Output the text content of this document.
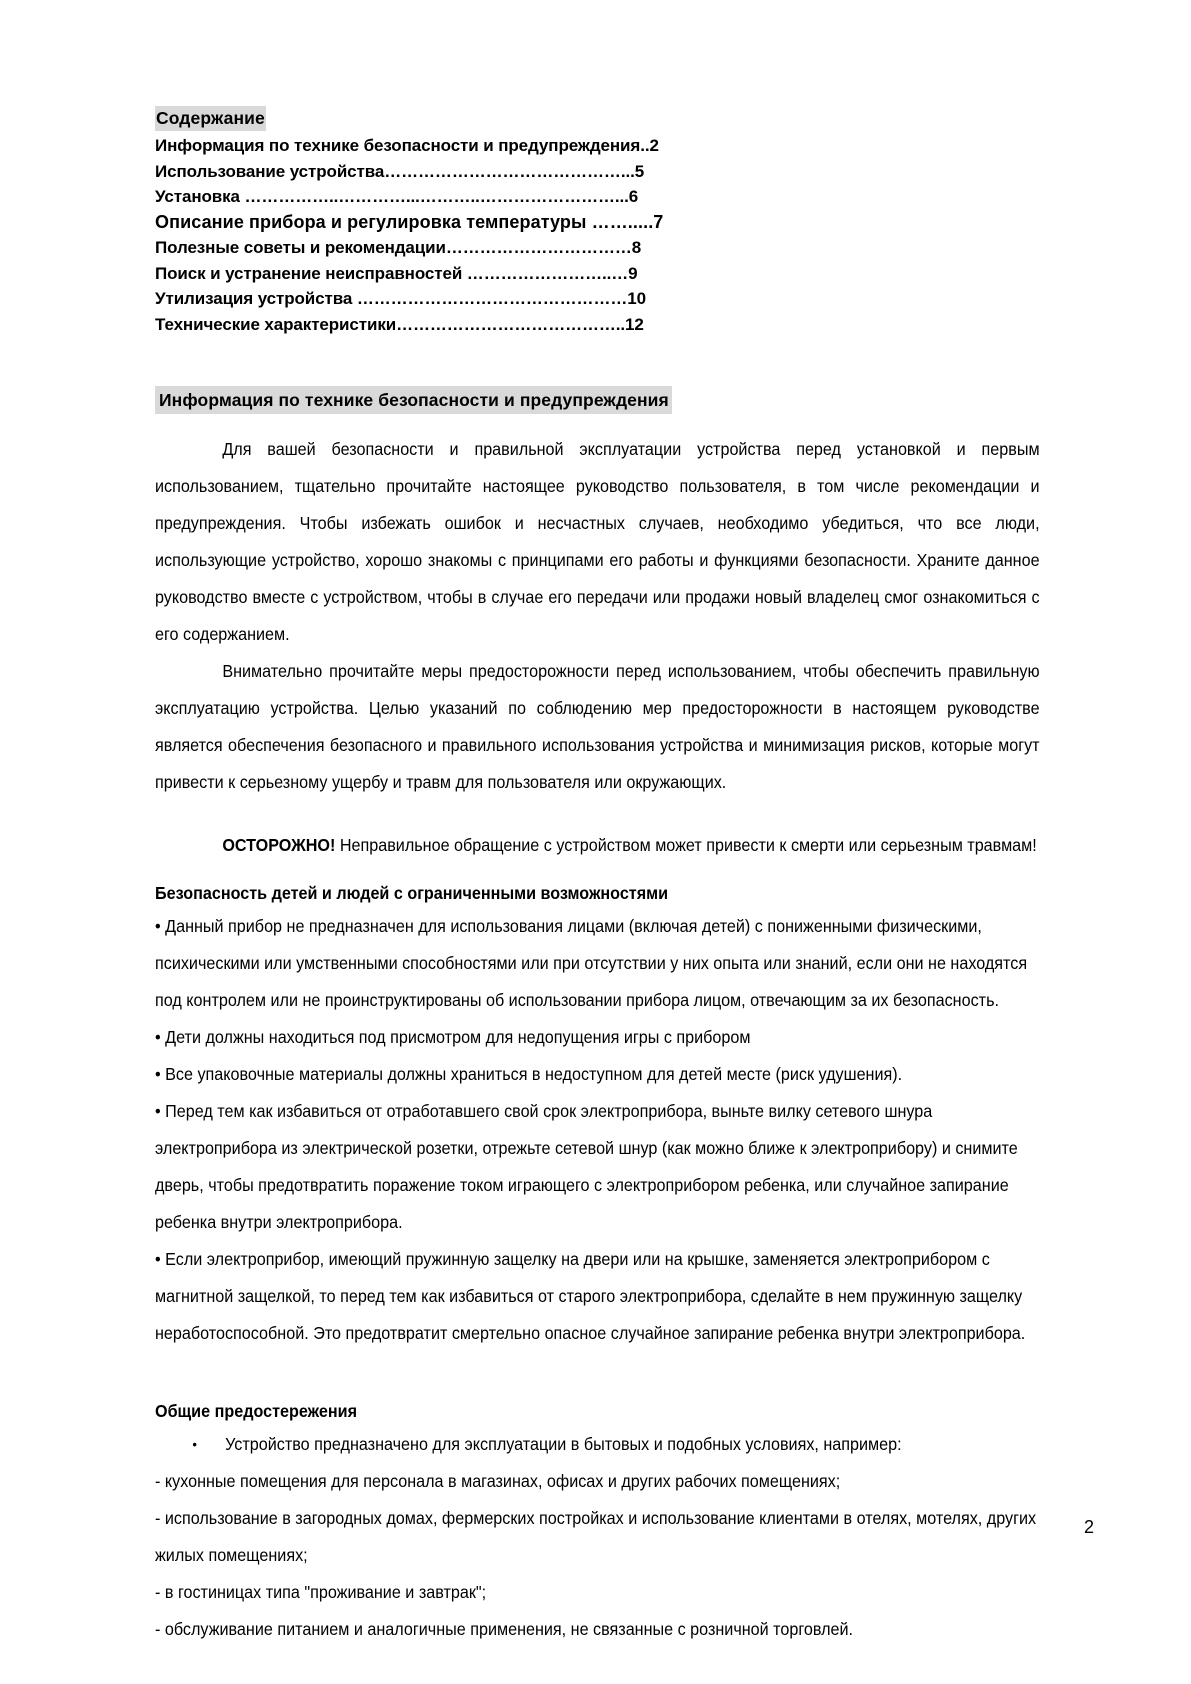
Содержание
Информация по технике безопасности и предупреждения..2
Использование устройства……………………………………...5
Установка ……………..…………...………..……………………...6
Описание прибора и регулировка температуры …….....7
Полезные советы и рекомендации……………………………8
Поиск и устранение неисправностей ……………………..…9
Утилизация устройства …………………………………………10
Технические характеристики…………………………………..12
Информация по технике безопасности и предупреждения

Для вашей безопасности и правильной эксплуатации устройства перед установкой и первым использованием, тщательно прочитайте настоящее руководство пользователя, в том числе рекомендации и предупреждения. Чтобы избежать ошибок и несчастных случаев, необходимо убедиться, что все люди, использующие устройство, хорошо знакомы с принципами его работы и функциями безопасности. Храните данное руководство вместе с устройством, чтобы в случае его передачи или продажи новый владелец смог ознакомиться с его содержанием.

Внимательно прочитайте меры предосторожности перед использованием, чтобы обеспечить правильную эксплуатацию устройства. Целью указаний по соблюдению мер предосторожности в настоящем руководстве является обеспечения безопасного и правильного использования устройства и минимизация рисков, которые могут привести к серьезному ущербу и травм для пользователя или окружающих.

ОСТОРОЖНО! Неправильное обращение с устройством может привести к смерти или серьезным травмам!

Безопасность детей и людей с ограниченными возможностями

• Данный прибор не предназначен для использования лицами (включая детей) с пониженными физическими, психическими или умственными способностями или при отсутствии у них опыта или знаний, если они не находятся под контролем или не проинструктированы об использовании прибора лицом, отвечающим за их безопасность.
• Дети должны находиться под присмотром для недопущения игры с прибором
• Все упаковочные материалы должны храниться в недоступном для детей месте (риск удушения).
• Перед тем как избавиться от отработавшего свой срок электроприбора, выньте вилку сетевого шнура электроприбора из электрической розетки, отрежьте сетевой шнур (как можно ближе к электроприбору) и снимите дверь, чтобы предотвратить поражение током играющего с электроприбором ребенка, или случайное запирание ребенка внутри электроприбора.
• Если электроприбор, имеющий пружинную защелку на двери или на крышке, заменяется электроприбором с магнитной защелкой, то перед тем как избавиться от старого электроприбора, сделайте в нем пружинную защелку неработоспособной. Это предотвратит смертельно опасное случайное запирание ребенка внутри электроприбора.

Общие предостережения

• Устройство предназначено для эксплуатации в бытовых и подобных условиях, например:
- кухонные помещения для персонала в магазинах, офисах и других рабочих помещениях;
- использование в загородных домах, фермерских постройках и использование клиентами в отелях, мотелях, других жилых помещениях;
- в гостиницах типа "проживание и завтрак";
- обслуживание питанием и аналогичные применения, не связанные с розничной торговлей.
2
